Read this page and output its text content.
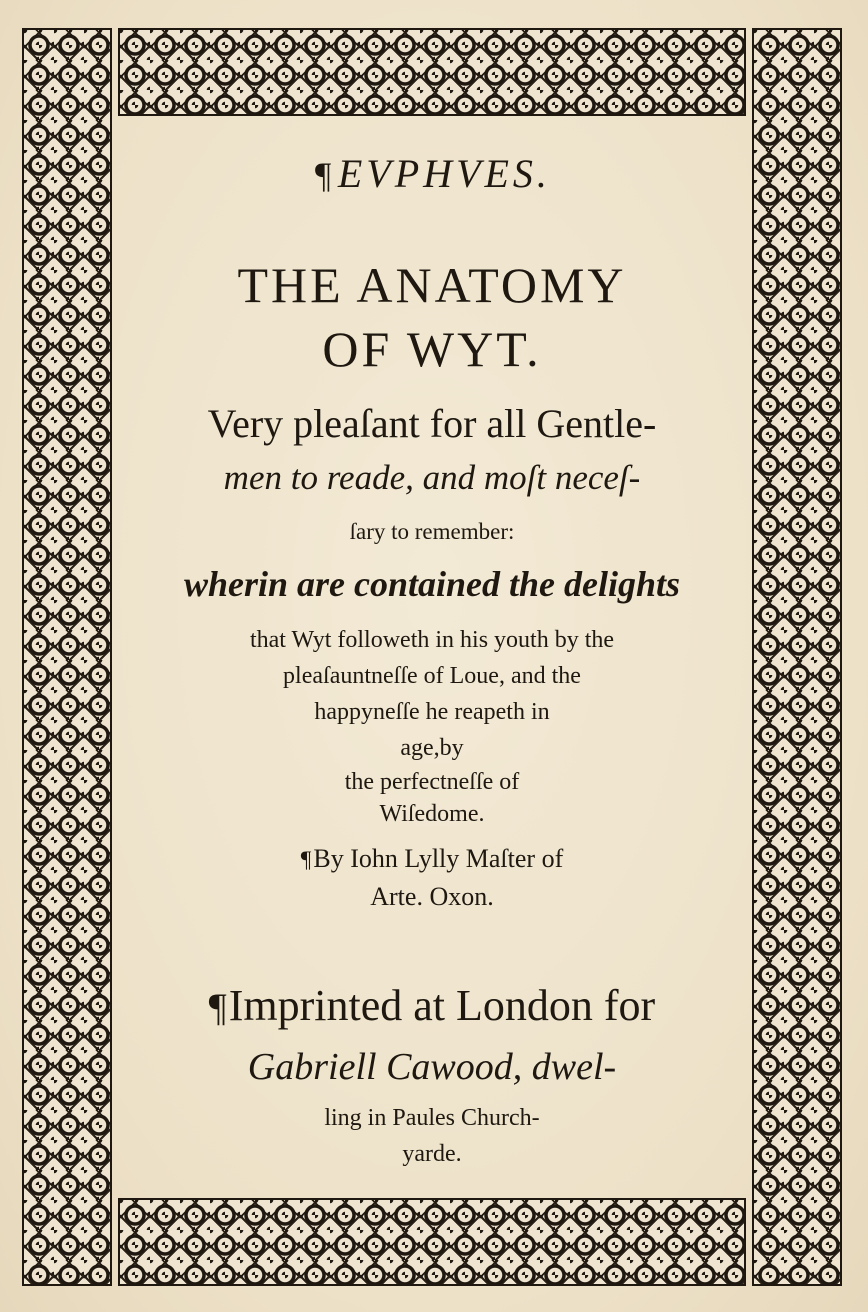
¶EVPHVES.
THE ANATOMY
OF WYT.
Very pleaſant for all Gentle-
men to reade, and moſt neceſ-
ſary to remember:
wherin are contained the delights
that Wyt followeth in his youth by the
pleaſauntneſſe of Loue, and the
happyneſſe he reapeth in
age,by
the perfectneſſe of
Wiſedome.
¶By Iohn Lylly Maſter of
Arte. Oxon.
¶Imprinted at London for
Gabriell Cawood, dwel-
ling in Paules Church-
yarde.
